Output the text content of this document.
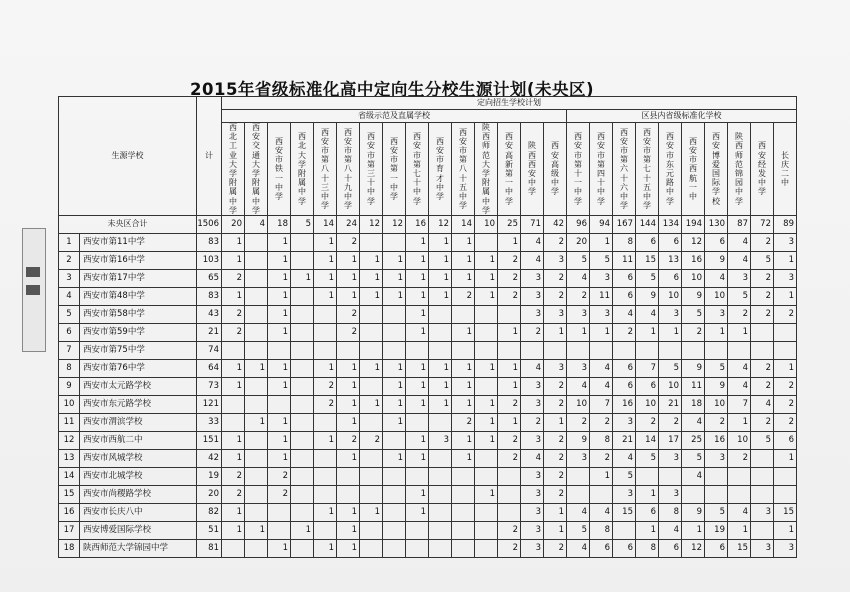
2015年省级标准化高中定向生分校生源计划(未央区)
生源学校		计	定向招生学校计划																								
			省级示范及直属学校															区县内省级标准化学校									
			西北工业大学附属中学	西安交通大学附属中学	西安市铁一中学	西北大学附属中学	西安市第八十三中学	西安市第八十九中学	西安市第三十中学	西安市第一中学	西安市第七十中学	西安市育才中学	西安市第八十五中学	陕西师范大学附属中学	西安高新第一中学	陕西西安中学	西安高级中学	西安市第十一中学	西安市第四十中学	西安市第六十六中学	西安市第七十五中学	西安市东元路中学	西安市西航一中	西安博爱国际学校	陕西师范锦园中学	西安经发中学	长庆二中
未央区合计		1506	20	4	18	5	14	24	12	12	16	12	14	10	25	71	42	96	94	167	144	134	194	130	87	72	89
1	西安市第11中学	83	1		1		1	2			1	1	1		1	4	2	20	1	8	6	6	12	6	4	2	3
2	西安市第16中学	103	1		1		1	1	1	1	1	1	1	1	2	4	3	5	5	11	15	13	16	9	4	5	1
3	西安市第17中学	65	2		1	1	1	1	1	1	1	1	1	1	2	3	2	4	3	6	5	6	10	4	3	2	3
4	西安市第48中学	83	1		1		1	1	1	1	1	1	2	1	2	3	2	2	11	6	9	10	9	10	5	2	1
5	西安市第58中学	43	2		1			2			1					3	3	3	3	4	4	3	5	3	2	2	2
6	西安市第59中学	21	2		1			2			1		1		1	2	1	1	1	2	1	1	2	1	1		
7	西安市第75中学	74																									
8	西安市第76中学	64	1	1	1		1	1	1	1	1	1	1	1	1	4	3	3	4	6	7	5	9	5	4	2	1
9	西安市太元路学校	73	1		1		2	1		1	1	1	1		1	3	2	4	4	6	6	10	11	9	4	2	2
10	西安市东元路学校	121					2	1	1	1	1	1	1	1	2	3	2	10	7	16	10	21	18	10	7	4	2
11	西安市渭滨学校	33		1	1			1		1			2	1	1	2	1	2	2	3	2	2	4	2	1	2	2
12	西安市西航二中	151	1		1		1	2	2		1	3	1	1	2	3	2	9	8	21	14	17	25	16	10	5	6
13	西安市风城学校	42	1		1			1		1	1		1		2	4	2	3	2	4	5	3	5	3	2		1
14	西安市北城学校	19	2		2											3	2		1	5			4				
15	西安市尚稷路学校	20	2		2						1			1		3	2			3	1	3					
16	西安市长庆八中	82	1				1	1	1		1					3	1	4	4	15	6	8	9	5	4	3	15
17	西安博爱国际学校	51	1	1		1		1							2	3	1	5	8		1	4	1	19	1		1
18	陕西师范大学锦园中学	81			1		1	1							2	3	2	4	6	6	8	6	12	6	15	3	3
